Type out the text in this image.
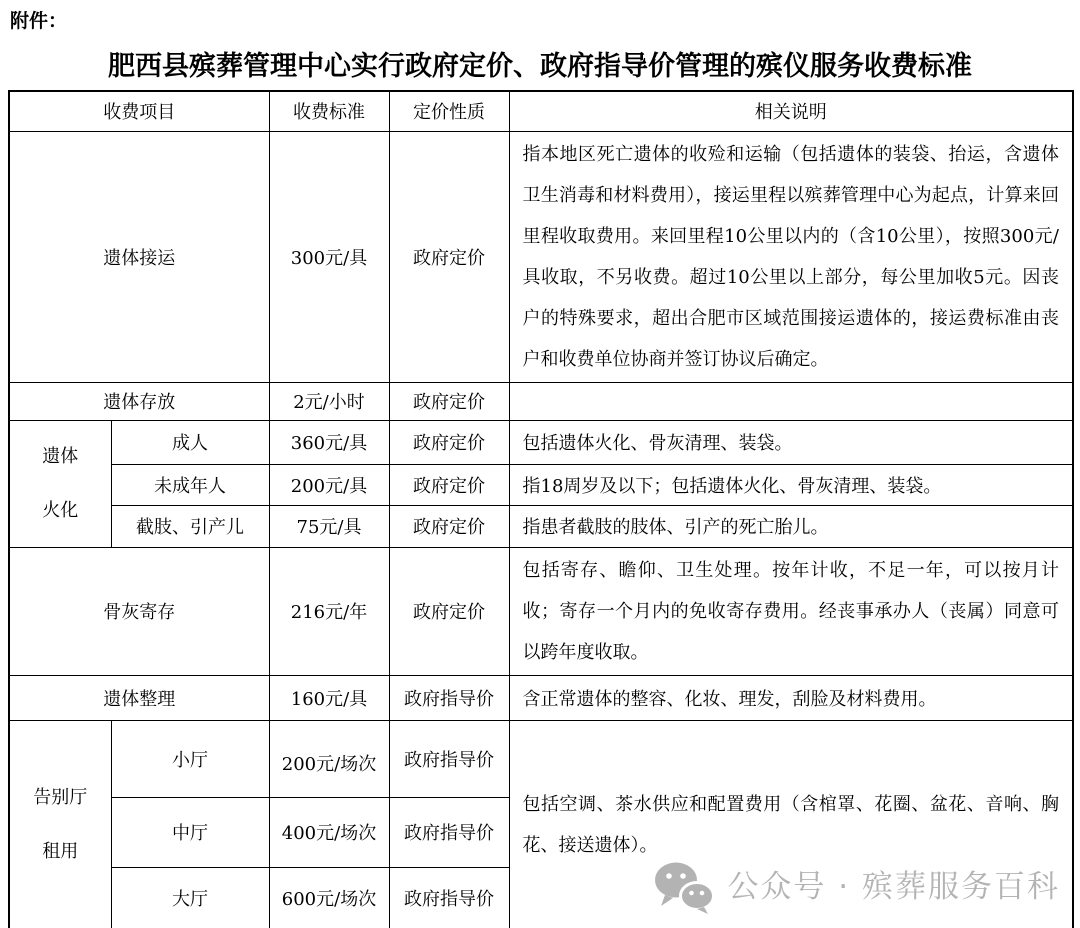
附件：
肥西县殡葬管理中心实行政府定价、政府指导价管理的殡仪服务收费标准
收费项目		收费标准	定价性质	相关说明
遗体接运		300元/具	政府定价	指本地区死亡遗体的收殓和运输（包括遗体的装袋、抬运，含遗体卫生消毒和材料费用），接运里程以殡葬管理中心为起点，计算来回里程收取费用。来回里程10公里以内的（含10公里），按照300元/具收取，不另收费。超过10公里以上部分，每公里加收5元。因丧户的特殊要求，超出合肥市区域范围接运遗体的，接运费标准由丧户和收费单位协商并签订协议后确定。
遗体存放		2元/小时	政府定价	
遗体火化	成人	360元/具	政府定价	包括遗体火化、骨灰清理、装袋。
	未成年人	200元/具	政府定价	指18周岁及以下；包括遗体火化、骨灰清理、装袋。
	截肢、引产儿	75元/具	政府定价	指患者截肢的肢体、引产的死亡胎儿。
骨灰寄存		216元/年	政府定价	包括寄存、瞻仰、卫生处理。按年计收，不足一年，可以按月计收；寄存一个月内的免收寄存费用。经丧事承办人（丧属）同意可以跨年度收取。
遗体整理		160元/具	政府指导价	含正常遗体的整容、化妆、理发，刮脸及材料费用。
告别厅租用	小厅	200元/场次	政府指导价	包括空调、茶水供应和配置费用（含棺罩、花圈、盆花、音响、胸花、接送遗体）。
公众号 · 殡葬服务百科

	中厅	400元/场次	政府指导价	
	大厅	600元/场次	政府指导价	
